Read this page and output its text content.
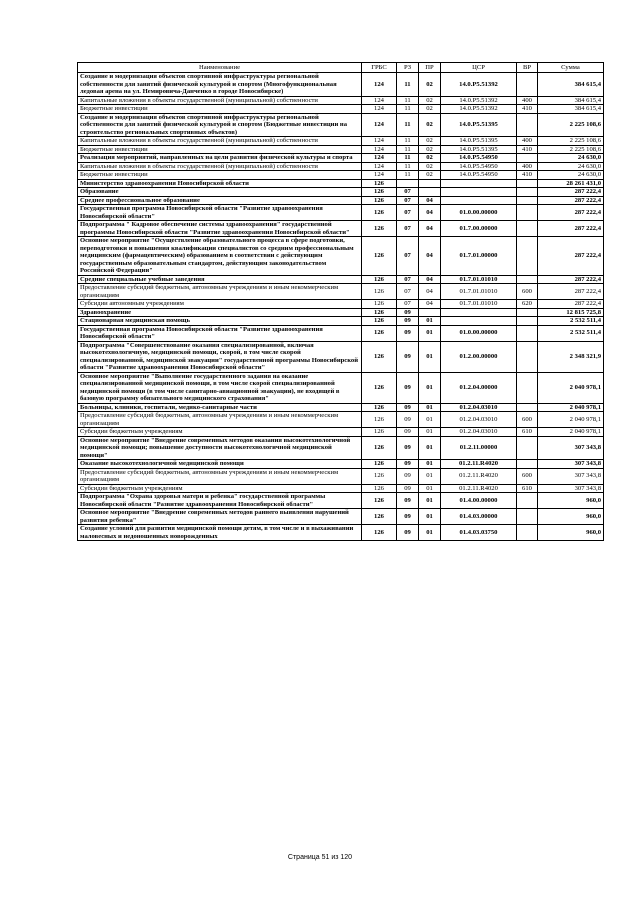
Наименование	ГРБС	РЗ	ПР	ЦСР	ВР	Сумма
Создание и модернизация объектов спортивной инфраструктуры региональной собственности для занятий физической культурой и спортом (Многофункциональная ледовая арена на ул. Немировича-Данченко в городе Новосибирске)	124	11	02	14.0.P5.51392		384 615,4
Капитальные вложения в объекты государственной (муниципальной) собственности	124	11	02	14.0.P5.51392	400	384 615,4
Бюджетные инвестиции	124	11	02	14.0.P5.51392	410	384 615,4
Создание и модернизация объектов спортивной инфраструктуры региональной собственности для занятий физической культурой и спортом (Бюджетные инвестиции на строительство региональных спортивных объектов)	124	11	02	14.0.P5.51395		2 225 108,6
Капитальные вложения в объекты государственной (муниципальной) собственности	124	11	02	14.0.P5.51395	400	2 225 108,6
Бюджетные инвестиции	124	11	02	14.0.P5.51395	410	2 225 108,6
Реализация мероприятий, направленных на цели развития физической культуры и спорта	124	11	02	14.0.P5.54950		24 630,0
Капитальные вложения в объекты государственной (муниципальной) собственности	124	11	02	14.0.P5.54950	400	24 630,0
Бюджетные инвестиции	124	11	02	14.0.P5.54950	410	24 630,0
Министерство здравоохранения Новосибирской области	126					28 261 431,0
Образование	126	07				287 222,4
Среднее профессиональное образование	126	07	04			287 222,4
Государственная программа Новосибирской области "Развитие здравоохранения Новосибирской области"	126	07	04	01.0.00.00000		287 222,4
Подпрограмма " Кадровое обеспечение системы здравоохранения" государственной программы Новосибирской области "Развитие здравоохранения Новосибирской области"	126	07	04	01.7.00.00000		287 222,4
Основное мероприятие "Осуществление образовательного процесса в сфере подготовки, переподготовки и повышения квалификации специалистов со средним профессиональным медицинским (фармацевтическим) образованием в соответствии с действующим государственным образовательным стандартом, действующим законодательством Российской Федерации"	126	07	04	01.7.01.00000		287 222,4
Средние специальные учебные заведения	126	07	04	01.7.01.01010		287 222,4
Предоставление субсидий бюджетным, автономным учреждениям и иным некоммерческим организациям	126	07	04	01.7.01.01010	600	287 222,4
Субсидии автономным учреждениям	126	07	04	01.7.01.01010	620	287 222,4
Здравоохранение	126	09				12 815 725,8
Стационарная медицинская помощь	126	09	01			2 532 511,4
Государственная программа Новосибирской области "Развитие здравоохранения Новосибирской области"	126	09	01	01.0.00.00000		2 532 511,4
Подпрограмма "Совершенствование оказания специализированной, включая высокотехнологичную, медицинской помощи, скорой, в том числе скорой специализированной, медицинской эвакуации" государственной программы Новосибирской области "Развитие здравоохранения Новосибирской области"	126	09	01	01.2.00.00000		2 348 321,9
Основное мероприятие "Выполнение государственного задания на оказание специализированной медицинской помощи, в том числе скорой специализированной медицинской помощи (в том числе санитарно-авиационной эвакуации), не входящей в базовую программу обязательного медицинского страхования"	126	09	01	01.2.04.00000		2 040 978,1
Больницы, клиники, госпитали, медико-санитарные части	126	09	01	01.2.04.03010		2 040 978,1
Предоставление субсидий бюджетным, автономным учреждениям и иным некоммерческим организациям	126	09	01	01.2.04.03010	600	2 040 978,1
Субсидии бюджетным учреждениям	126	09	01	01.2.04.03010	610	2 040 978,1
Основное мероприятие "Внедрение современных методов оказания высокотехнологичной медицинской помощи; повышение доступности высокотехнологичной медицинской помощи"	126	09	01	01.2.11.00000		307 343,8
Оказание высокотехнологичной медицинской помощи	126	09	01	01.2.11.R4020		307 343,8
Предоставление субсидий бюджетным, автономным учреждениям и иным некоммерческим организациям	126	09	01	01.2.11.R4020	600	307 343,8
Субсидии бюджетным учреждениям	126	09	01	01.2.11.R4020	610	307 343,8
Подпрограмма "Охрана здоровья матери и ребенка" государственной программы Новосибирской области "Развитие здравоохранения Новосибирской области"	126	09	01	01.4.00.00000		960,0
Основное мероприятие "Внедрение современных методов раннего выявления нарушений развития ребенка"	126	09	01	01.4.03.00000		960,0
Создание условий для развития медицинской помощи детям, в том числе и в выхаживании маловесных и недоношенных новорожденных	126	09	01	01.4.03.03750		960,0
Страница 51 из 120
